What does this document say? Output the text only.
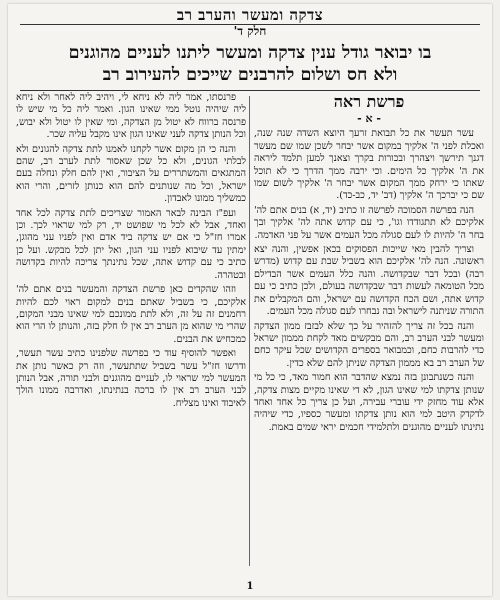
צדקה ומעשר והערב רב
חלק ד'
בו יבואר גודל ענין צדקה ומעשר ליתנו לעניים מהוגנים
ולא חס ושלום להרבנים שייכים להעירוב רב
פרשת ראה
- א -

עשר תעשר את כל תבואת זרעך היוצא השדה שנה שנה, ואכלת לפני ה' אלקיך במקום אשר יבחר לשכן שמו שם מעשר דגנך תירשך ויצהרך ובכורות בקרך וצאנך למען תלמד ליראה את ה' אלקיך כל הימים. וכי ירבה ממך הדרך כי לא תוכל שאתו כי ירחק ממך המקום אשר יבחר ה' אלקיך לשום שמו שם כי יברכך ה' אלקיך (דב' יד, כב-כד).

הנה בפרשה הסמוכה לפרשה זו כתיב (יד, א) בנים אתם לה' אלקיכם לא תתגודדו וגו', כי עם קדוש אתה לה' אלקיך ובך בחר ה' להיות לו לעם סגולה מכל העמים אשר על פני האדמה.

וצריך להבין מאי שייכות הפסוקים בכאן אפשין, והנה יצא ראשונה. הנה לה' אלקיכם הוא בשביל שבת עם קדוש (מדרש רבה) ובכל דבר שבקדושה. והנה כלל העמים אשר הבדילם מכל הטומאה לעשות דבר שבקדושה בעולם, ולכן כתיב כי עם קדוש אתה, ושם הכח הקדושה עם ישראל, והם המקבלים את התורה שניתנה לישראל ובה נבחרו לעם סגולה מכל העמים.

והנה בכל זה צריך להזהיר על כך שלא לבזבז ממון הצדקה ומעשר לבני הערב רב, והם מבקשים מאד לקחת מממון ישראל כדי להרבות כחם, וכמבואר בספרים הקדושים שכל עיקר כחם של הערב רב בא מממון הצדקה שניתן להם שלא כדין.

והנה כשנתבונן בזה נמצא שהדבר הוא חמור מאד, כי כל מי שנותן צדקתו למי שאינו הגון, לא די שאינו מקיים מצות צדקה, אלא עוד מחזק ידי עוברי עבירה, ועל כן צריך כל אחד ואחד לדקדק היטב למי הוא נותן צדקתו ומעשר כספיו, כדי שיהיה נתינתו לעניים מהוגנים ולתלמידי חכמים יראי שמים באמת.

פרנסתו, אמר ליה לא ניחא לי, ויהיב ליה לאחר ולא ניחא ליה שיהיה נוטל ממי שאינו הגון. ואמר ליה כל מי שיש לו פרנסה ברווח לא יטול מן הצדקה, ומי שאין לו יטול ולא יבוש, וכל הנותן צדקה לעני שאינו הגון אינו מקבל עליה שכר.

והנה כי הן מקום אשר לקחנו לאמנו לתת צדקה להגונים ולא לבלתי הגונים, ולא כל שכן שאסור לתת לערב רב, שהם המתגאים והמשתררים על הציבור, ואין להם חלק ונחלה בעם ישראל, וכל מה שנותנים להם הוא כנותן לזרים, והרי הוא כמשליך ממונו לאבדון.

ועפ"ז הבינה לבאר האמור שצריכים לתת צדקה לכל אחד ואחד, אבל לא לכל מי שפושט יד, רק למי שראוי לכך. וכן אמרו חז"ל כי אם יש צדקה ביד אדם ואין לפניו עני מהוגן, ימתין עד שיבוא לפניו עני הגון, ואל יתן לכל מבקש. ועל כן כתיב כי עם קדוש אתה, שכל נתינתך צריכה להיות בקדושה ובטהרה.

וזהו שהקדים כאן פרשת הצדקה והמעשר בנים אתם לה' אלקיכם, כי בשביל שאתם בנים למקום ראוי לכם להיות רחמנים זה על זה, ולא לתת ממונכם למי שאינו מבני המקום, שהרי מי שהוא מן הערב רב אין לו חלק בזה, והנותן לו הרי הוא כמכחיש את הבנים.

ואפשר להוסיף עוד כי בפרשה שלפנינו כתיב עשר תעשר, ודרשו חז"ל עשר בשביל שתתעשר, וזה רק כאשר נותן את המעשר למי שראוי לו, לעניים מהוגנים ולבני תורה, אבל הנותן לבני הערב רב אין לו ברכה בנתינתו, ואדרבה ממונו הולך לאיבוד ואינו מצליח.

1
